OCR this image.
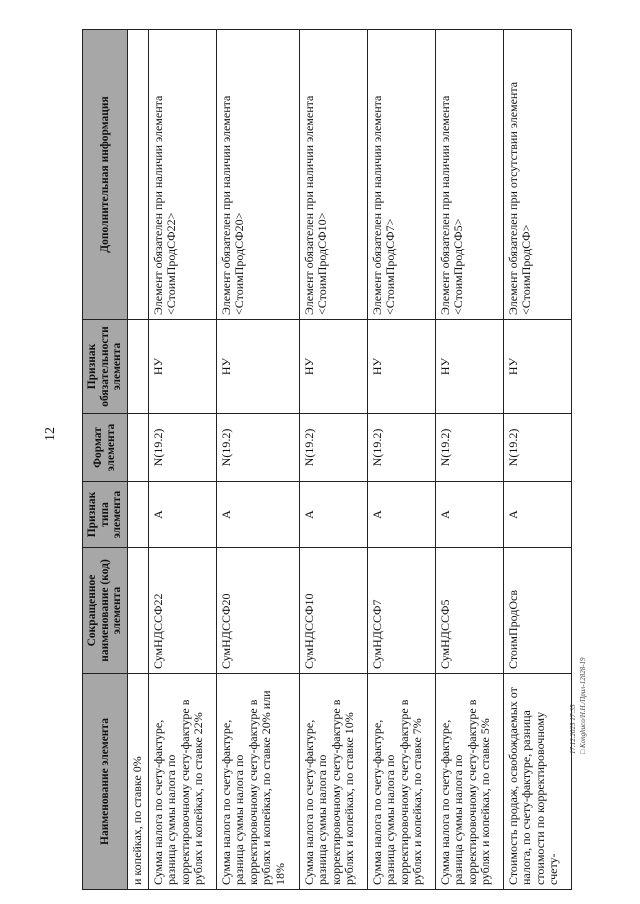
12
Наименование элемента	Сокращенное наименование (код) элемента	Признак типа элемента	Формат элемента	Признак обязательности элемента	Дополнительная информация
и копейках, по ставке 0%					
Сумма налога по счету-фактуре, разница суммы налога по корректировочному счету-фактуре в рублях и копейках, по ставке 22%	СумНДССФ22	А	N(19.2)	НУ	Элемент обязателен при наличии элемента <СтоимПродСФ22>
Сумма налога по счету-фактуре, разница суммы налога по корректировочному счету-фактуре в рублях и копейках, по ставке 20% или 18%	СумНДССФ20	А	N(19.2)	НУ	Элемент обязателен при наличии элемента <СтоимПродСФ20>
Сумма налога по счету-фактуре, разница суммы налога по корректировочному счету-фактуре в рублях и копейках, по ставке 10%	СумНДССФ10	А	N(19.2)	НУ	Элемент обязателен при наличии элемента <СтоимПродСФ10>
Сумма налога по счету-фактуре, разница суммы налога по корректировочному счету-фактуре в рублях и копейках, по ставке 7%	СумНДССФ7	А	N(19.2)	НУ	Элемент обязателен при наличии элемента <СтоимПродСФ7>
Сумма налога по счету-фактуре, разница суммы налога по корректировочному счету-фактуре в рублях и копейках, по ставке 5%	СумНДССФ5	А	N(19.2)	НУ	Элемент обязателен при наличии элемента <СтоимПродСФ5>
Стоимость продаж, освобождаемых от налога, по счету-фактуре, разница стоимости по корректировочному счету-	СтоимПродОсв	А	N(19.2)	НУ	Элемент обязателен при отсутствии элемента <СтоимПродСФ>
17.12.2025 17:35 □ Konghuco/Н.Н./Прил-12828-19
